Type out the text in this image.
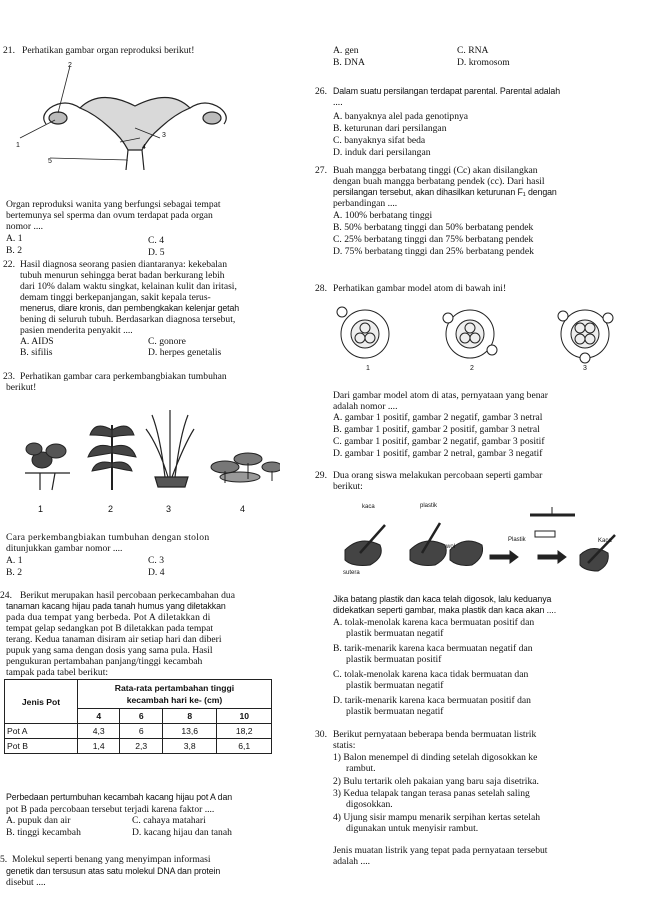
21. Perhatikan gambar organ reproduksi berikut!
2
1
3
4
5
Organ reproduksi wanita yang berfungsi sebagai tempat
bertemunya sel sperma dan ovum terdapat pada organ
nomor ....
A. 1
B. 2
C. 4
D. 5
22. Hasil diagnosa seorang pasien diantaranya: kekebalan
tubuh menurun sehingga berat badan berkurang lebih
dari 10% dalam waktu singkat, kelainan kulit dan iritasi,
demam tinggi berkepanjangan, sakit kepala terus-
menerus, diare kronis, dan pembengkakan kelenjar getah
bening di seluruh tubuh. Berdasarkan diagnosa tersebut,
pasien menderita penyakit ....
A. AIDS
B. sifilis
C. gonore
D. herpes genetalis
23. Perhatikan gambar cara perkembangbiakan tumbuhan
berikut!
1	2	3	4
Cara perkembangbiakan tumbuhan dengan stolon
ditunjukkan gambar nomor ....
A. 1
B. 2
C. 3
D. 4
24. Berikut merupakan hasil percobaan perkecambahan dua
tanaman kacang hijau pada tanah humus yang diletakkan
pada dua tempat yang berbeda. Pot A diletakkan di
tempat gelap sedangkan pot B diletakkan pada tempat
terang. Kedua tanaman disiram air setiap hari dan diberi
pupuk yang sama dengan dosis yang sama pula. Hasil
pengukuran pertambahan panjang/tinggi kecambah
tampak pada tabel berikut:
Jenis Pot	Rata-rata pertambahan tinggi
kecambah hari ke- (cm)			
	4	6	8	10
Pot A	4,3	6	13,6	18,2
Pot B	1,4	2,3	3,8	6,1
Perbedaan pertumbuhan kecambah kacang hijau pot A dan
pot B pada percobaan tersebut terjadi karena faktor ....
A. pupuk dan air
B. tinggi kecambah
C. cahaya matahari
D. kacang hijau dan tanah
5. Molekul seperti benang yang menyimpan informasi
genetik dan tersusun atas satu molekul DNA dan protein
disebut ....
A. gen
B. DNA
C. RNA
D. kromosom
26. Dalam suatu persilangan terdapat parental. Parental adalah
....
A. banyaknya alel pada genotipnya
B. keturunan dari persilangan
C. banyaknya sifat beda
D. induk dari persilangan
27. Buah mangga berbatang tinggi (Cc) akan disilangkan
dengan buah mangga berbatang pendek (cc). Dari hasil
persilangan tersebut, akan dihasilkan keturunan F₁ dengan
perbandingan ....
A. 100% berbatang tinggi
B. 50% berbatang tinggi dan 50% berbatang pendek
C. 25% berbatang tinggi dan 75% berbatang pendek
D. 75% berbatang tinggi dan 25% berbatang pendek
28. Perhatikan gambar model atom di bawah ini!
1	2	3
Dari gambar model atom di atas, pernyataan yang benar
adalah nomor ....
A. gambar 1 positif, gambar 2 negatif, gambar 3 netral
B. gambar 1 positif, gambar 2 positif, gambar 3 netral
C. gambar 1 positif, gambar 2 negatif, gambar 3 positif
D. gambar 1 positif, gambar 2 netral, gambar 3 negatif
29. Dua orang siswa melakukan percobaan seperti gambar
berikut:
kaca	plastik
wol
sutera
Plastik	Kaca
Jika batang plastik dan kaca telah digosok, lalu keduanya
didekatkan seperti gambar, maka plastik dan kaca akan ....
A. tolak-menolak karena kaca bermuatan positif dan
plastik bermuatan negatif
B. tarik-menarik karena kaca bermuatan negatif dan
plastik bermuatan positif
C. tolak-menolak karena kaca tidak bermuatan dan
plastik bermuatan negatif
D. tarik-menarik karena kaca bermuatan positif dan
plastik bermuatan negatif
30. Berikut pernyataan beberapa benda bermuatan listrik
statis:
1) Balon menempel di dinding setelah digosokkan ke
rambut.
2) Bulu tertarik oleh pakaian yang baru saja disetrika.
3) Kedua telapak tangan terasa panas setelah saling
digosokkan.
4) Ujung sisir mampu menarik serpihan kertas setelah
digunakan untuk menyisir rambut.
Jenis muatan listrik yang tepat pada pernyataan tersebut
adalah ....
